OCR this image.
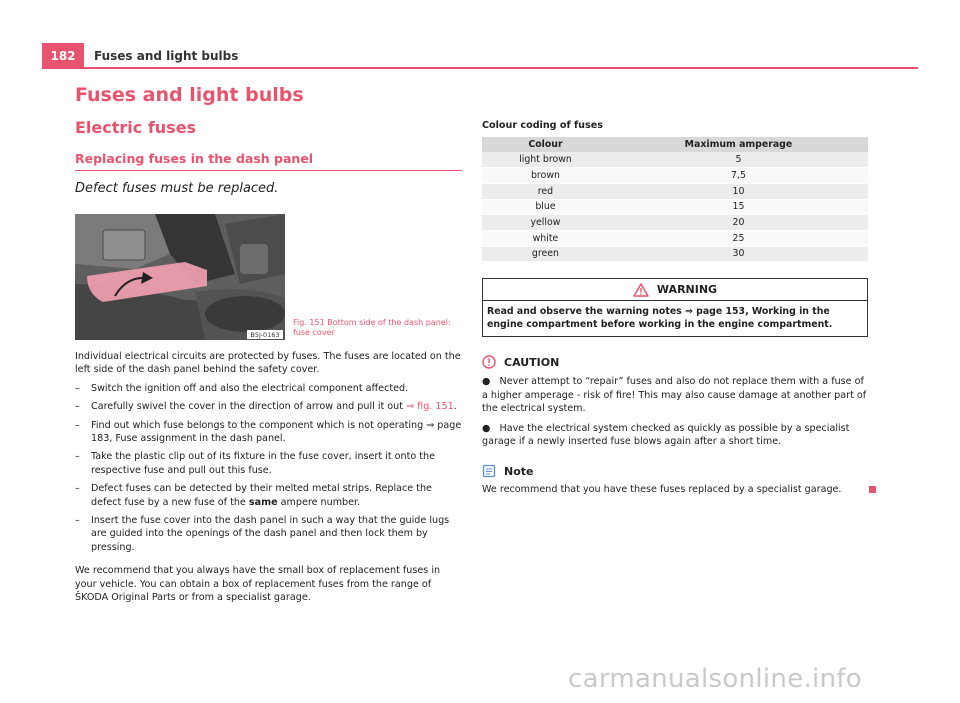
182	Fuses and light bulbs
Fuses and light bulbs
Electric fuses
Replacing fuses in the dash panel
Defect fuses must be replaced.
B5J-0163
Fig. 151 Bottom side of the dash panel: fuse cover
Individual electrical circuits are protected by fuses. The fuses are located on the left side of the dash panel behind the safety cover.
– Switch the ignition off and also the electrical component affected.
– Carefully swivel the cover in the direction of arrow and pull it out ⇒ fig. 151.
– Find out which fuse belongs to the component which is not operating ⇒ page 183, Fuse assignment in the dash panel.
– Take the plastic clip out of its fixture in the fuse cover, insert it onto the respective fuse and pull out this fuse.
– Defect fuses can be detected by their melted metal strips. Replace the defect fuse by a new fuse of the same ampere number.
– Insert the fuse cover into the dash panel in such a way that the guide lugs are guided into the openings of the dash panel and then lock them by pressing.
We recommend that you always have the small box of replacement fuses in your vehicle. You can obtain a box of replacement fuses from the range of ŠKODA Original Parts or from a specialist garage.
Colour coding of fuses
Colour	Maximum amperage
light brown	5
brown	7,5
red	10
blue	15
yellow	20
white	25
green	30
WARNING
Read and observe the warning notes ⇒ page 153, Working in the engine compartment before working in the engine compartment.
CAUTION
●   Never attempt to “repair” fuses and also do not replace them with a fuse of a higher amperage - risk of fire! This may also cause damage at another part of the electrical system.
●   Have the electrical system checked as quickly as possible by a specialist garage if a newly inserted fuse blows again after a short time.
Note
We recommend that you have these fuses replaced by a specialist garage.
carmanualsonline.info
